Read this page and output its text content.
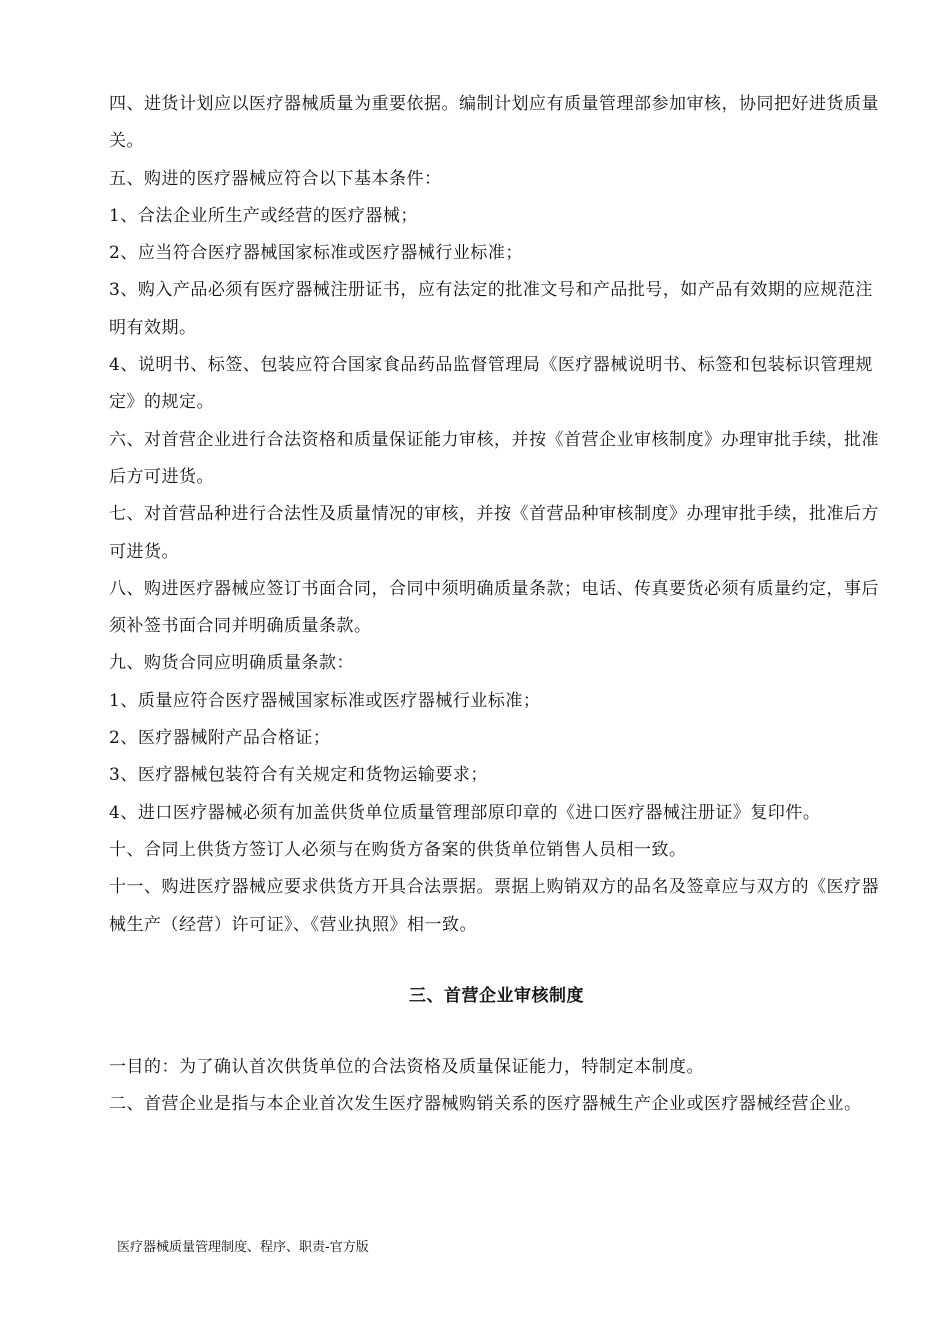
四、进货计划应以医疗器械质量为重要依据。编制计划应有质量管理部参加审核，协同把好进货质量关。

五、购进的医疗器械应符合以下基本条件：

1、合法企业所生产或经营的医疗器械；

2、应当符合医疗器械国家标准或医疗器械行业标准；

3、购入产品必须有医疗器械注册证书，应有法定的批准文号和产品批号，如产品有效期的应规范注明有效期。

4、说明书、标签、包装应符合国家食品药品监督管理局《医疗器械说明书、标签和包装标识管理规定》的规定。

六、对首营企业进行合法资格和质量保证能力审核，并按《首营企业审核制度》办理审批手续，批准后方可进货。

七、对首营品种进行合法性及质量情况的审核，并按《首营品种审核制度》办理审批手续，批准后方可进货。

八、购进医疗器械应签订书面合同，合同中须明确质量条款；电话、传真要货必须有质量约定，事后须补签书面合同并明确质量条款。

九、购货合同应明确质量条款：

1、质量应符合医疗器械国家标准或医疗器械行业标准；

2、医疗器械附产品合格证；

3、医疗器械包装符合有关规定和货物运输要求；

4、进口医疗器械必须有加盖供货单位质量管理部原印章的《进口医疗器械注册证》复印件。

十、合同上供货方签订人必须与在购货方备案的供货单位销售人员相一致。

十一、购进医疗器械应要求供货方开具合法票据。票据上购销双方的品名及签章应与双方的《医疗器械生产（经营）许可证》、《营业执照》相一致。

三、首营企业审核制度

一目的：为了确认首次供货单位的合法资格及质量保证能力，特制定本制度。

二、首营企业是指与本企业首次发生医疗器械购销关系的医疗器械生产企业或医疗器械经营企业。

医疗器械质量管理制度、程序、职责-官方版
